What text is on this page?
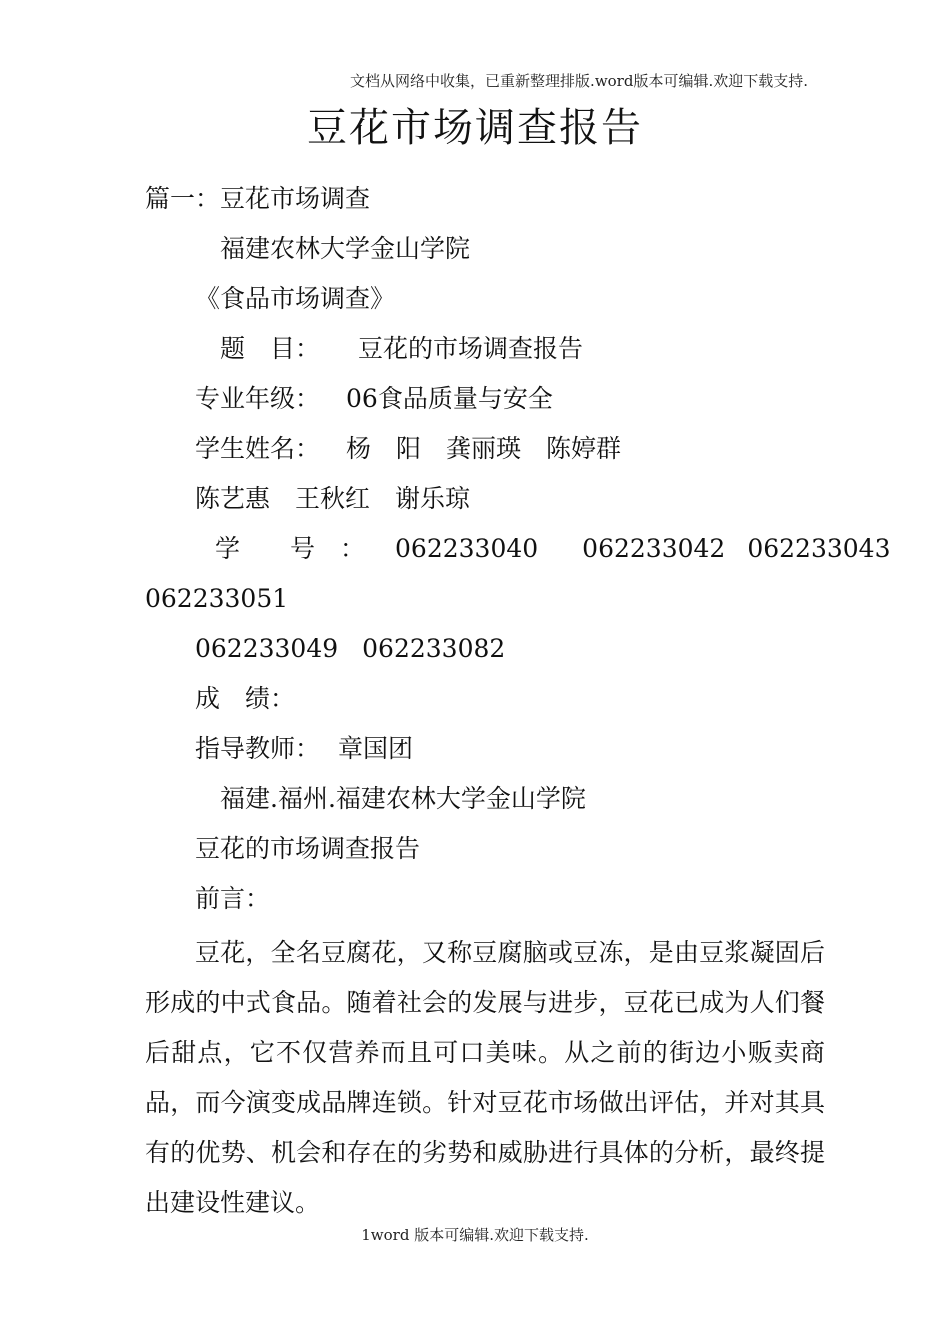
文档从网络中收集，已重新整理排版.word版本可编辑.欢迎下载支持.
豆花市场调查报告
篇一：豆花市场调查
福建农林大学金山学院
《食品市场调查》
题　目： 豆花的市场调查报告
专业年级： 06食品质量与安全
学生姓名： 杨　阳　龚丽瑛　陈婷群
陈艺惠　王秋红　谢乐琼
学　　号　： 062233040 062233042 062233043
062233051
062233049 062233082
成　绩：
指导教师： 章国团
福建.福州.福建农林大学金山学院
豆花的市场调查报告
前言：
豆花，全名豆腐花，又称豆腐脑或豆冻，是由豆浆凝固后形成的中式食品。随着社会的发展与进步，豆花已成为人们餐后甜点，它不仅营养而且可口美味。从之前的街边小贩卖商品，而今演变成品牌连锁。针对豆花市场做出评估，并对其具有的优势、机会和存在的劣势和威胁进行具体的分析，最终提出建设性建议。
1word 版本可编辑.欢迎下载支持.
